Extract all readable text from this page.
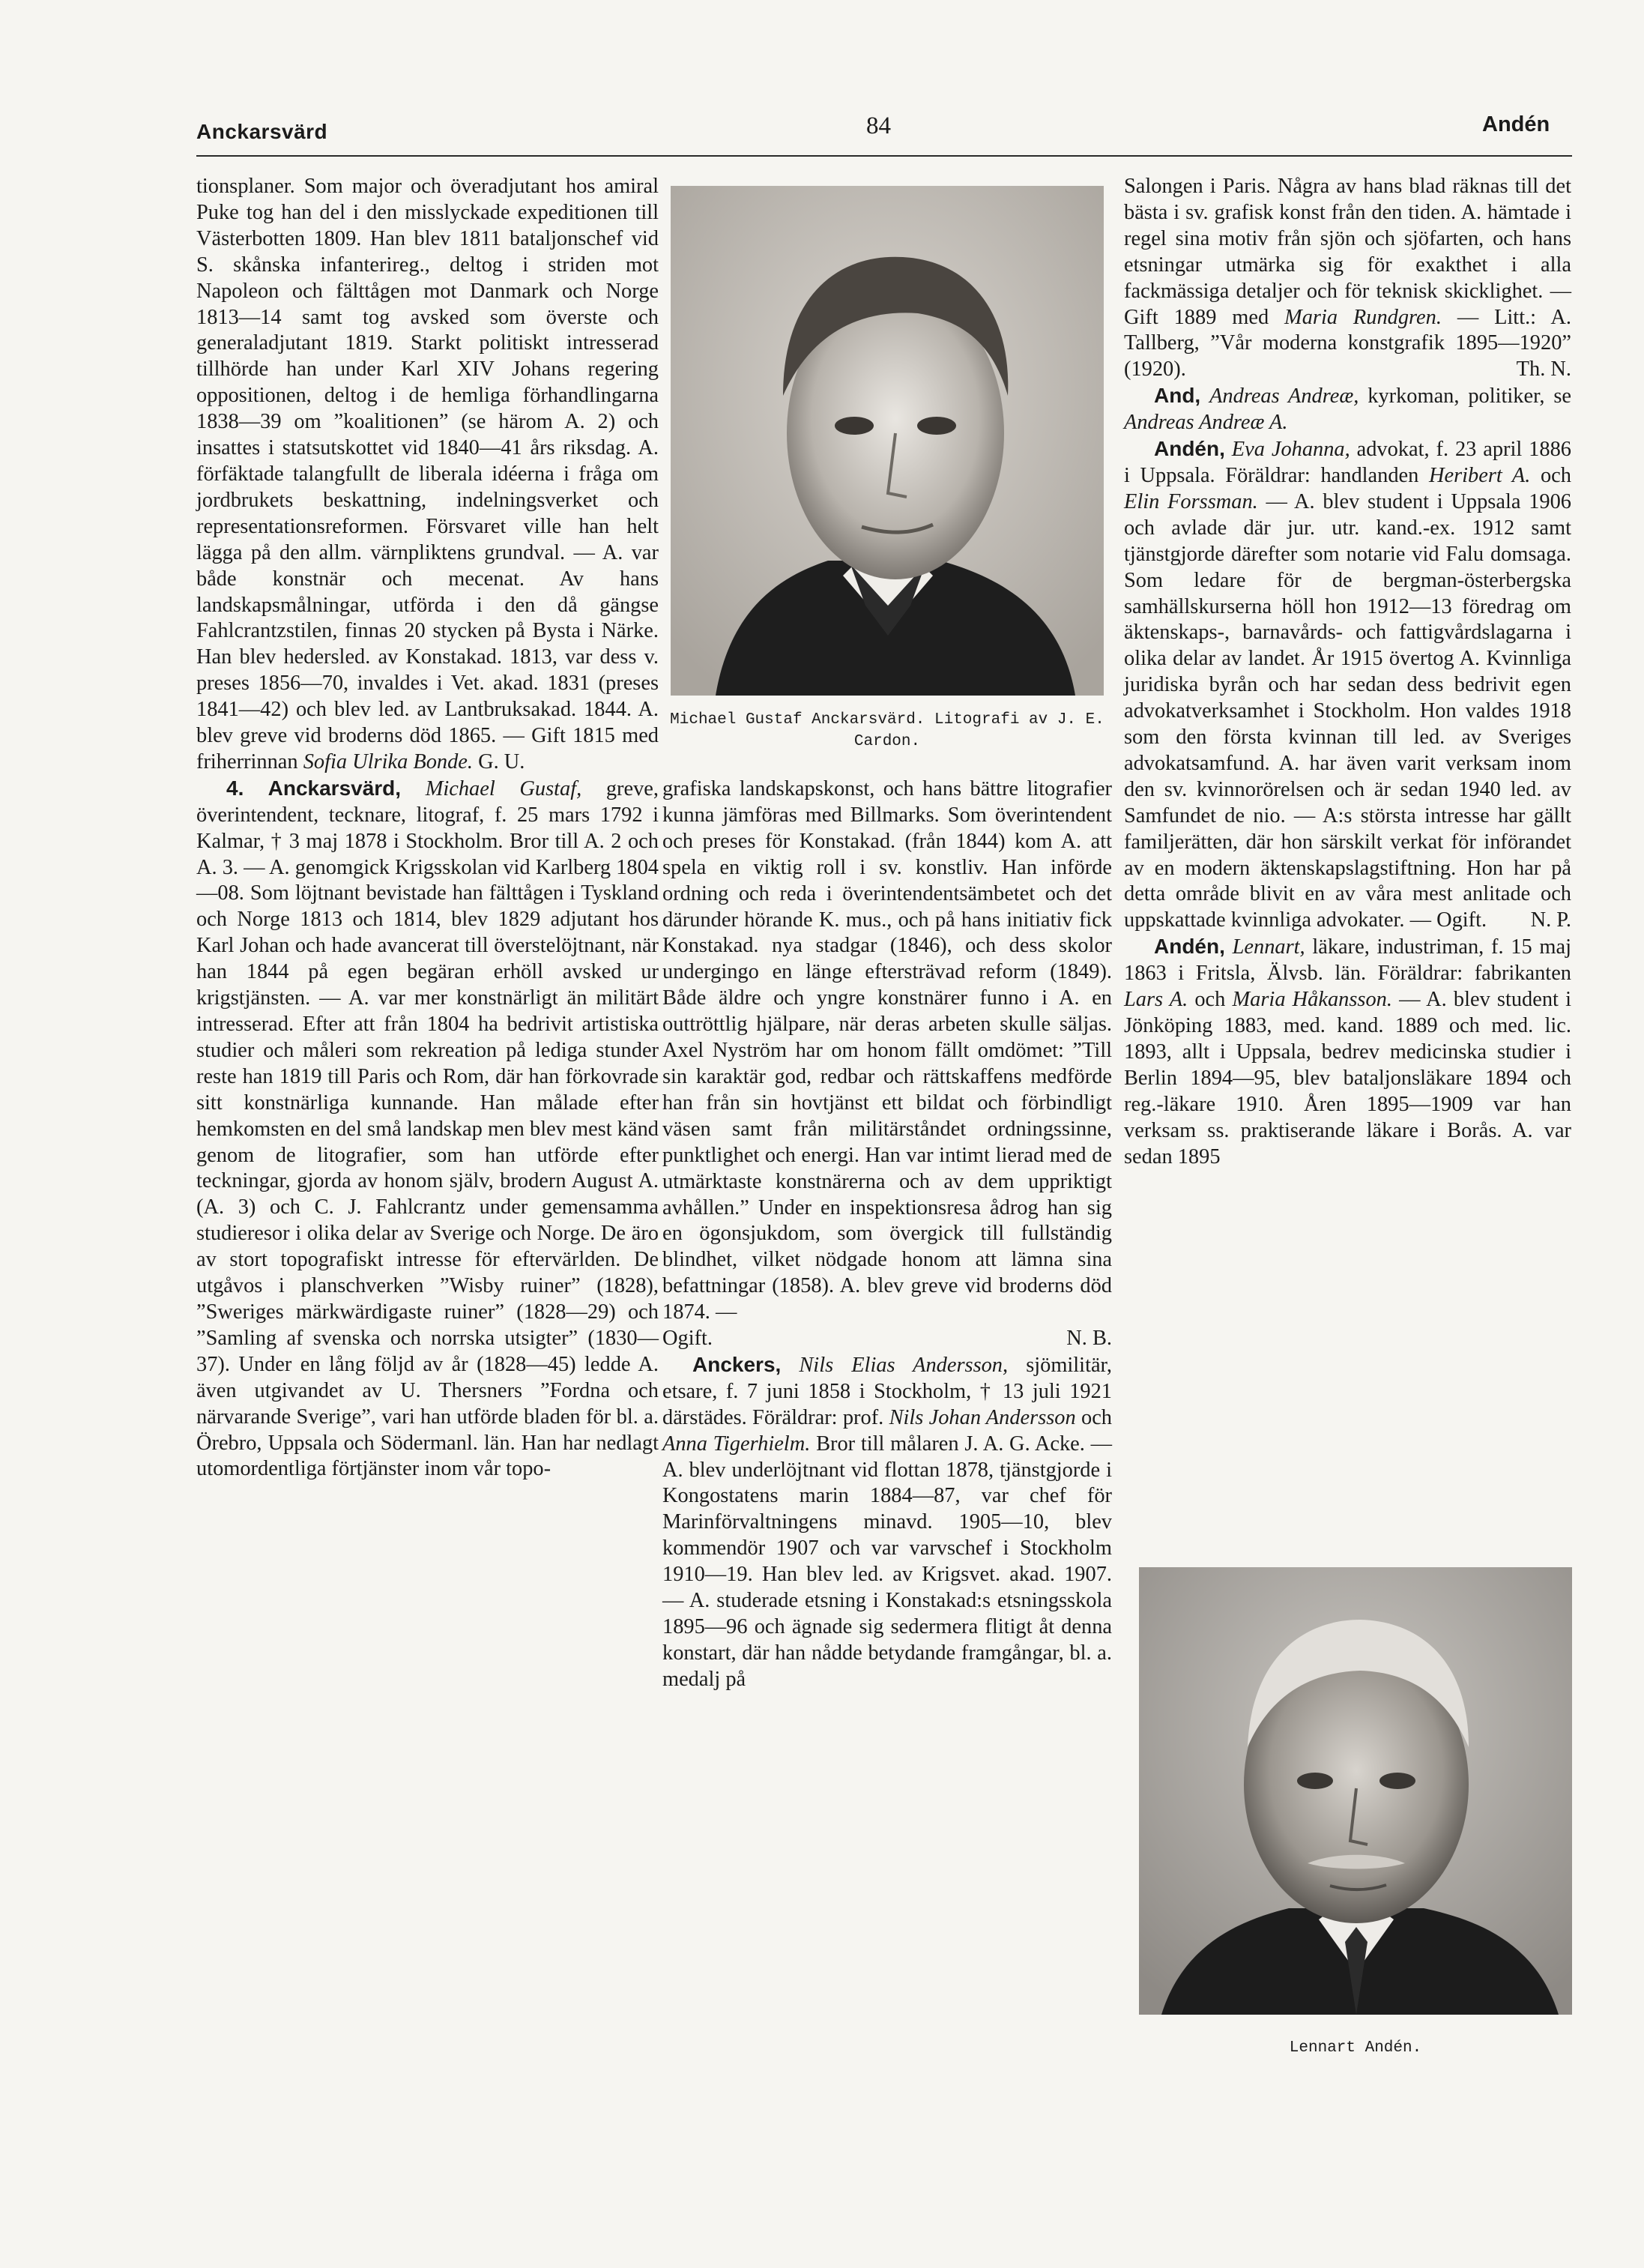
Anckarsvärd	84	Andén

tionsplaner. Som major och överadjutant hos amiral Puke tog han del i den misslyckade expeditionen till Västerbotten 1809. Han blev 1811 bataljonschef vid S. skånska infanterireg., deltog i striden mot Napoleon och fälttågen mot Danmark och Norge 1813—14 samt tog avsked som överste och generaladjutant 1819. Starkt politiskt intresserad tillhörde han under Karl XIV Johans regering oppositionen, deltog i de hemliga förhandlingarna 1838—39 om ”koalitionen” (se härom A. 2) och insattes i statsutskottet vid 1840—41 års riksdag. A. förfäktade talangfullt de liberala idéerna i fråga om jordbrukets beskattning, indelningsverket och representationsreformen. Försvaret ville han helt lägga på den allm. värnpliktens grundval. — A. var både konstnär och mecenat. Av hans landskapsmålningar, utförda i den då gängse Fahlcrantzstilen, finnas 20 stycken på Bysta i Närke. Han blev hedersled. av Konstakad. 1813, var dess v. preses 1856—70, invaldes i Vet. akad. 1831 (preses 1841—42) och blev led. av Lantbruksakad. 1844. A. blev greve vid broderns död 1865. — Gift 1815 med friherrinnan Sofia Ulrika Bonde. G. U.

4. Anckarsvärd, Michael Gustaf, greve, överintendent, tecknare, litograf, f. 25 mars 1792 i Kalmar, † 3 maj 1878 i Stockholm. Bror till A. 2 och A. 3. — A. genomgick Krigsskolan vid Karlberg 1804—08. Som löjtnant bevistade han fälttågen i Tyskland och Norge 1813 och 1814, blev 1829 adjutant hos Karl Johan och hade avancerat till överstelöjtnant, när han 1844 på egen begäran erhöll avsked ur krigstjänsten. — A. var mer konstnärligt än militärt intresserad. Efter att från 1804 ha bedrivit artistiska studier och måleri som rekreation på lediga stunder reste han 1819 till Paris och Rom, där han förkovrade sitt konstnärliga kunnande. Han målade efter hemkomsten en del små landskap men blev mest känd genom de litografier, som han utförde efter teckningar, gjorda av honom själv, brodern August A. (A. 3) och C. J. Fahlcrantz under gemensamma studieresor i olika delar av Sverige och Norge. De äro av stort topografiskt intresse för eftervärlden. De utgåvos i planschverken ”Wisby ruiner” (1828), ”Sweriges märkwärdigaste ruiner” (1828—29) och ”Samling af svenska och norrska utsigter” (1830—37). Under en lång följd av år (1828—45) ledde A. även utgivandet av U. Thersners ”Fordna och närvarande Sverige”, vari han utförde bladen för bl. a. Örebro, Uppsala och Södermanl. län. Han har nedlagt utomordentliga förtjänster inom vår topo-

Michael Gustaf Anckarsvärd. Litografi av J. E. Cardon.

grafiska landskapskonst, och hans bättre litografier kunna jämföras med Billmarks. Som överintendent och preses för Konstakad. (från 1844) kom A. att spela en viktig roll i sv. konstliv. Han införde ordning och reda i överintendentsämbetet och det därunder hörande K. mus., och på hans initiativ fick Konstakad. nya stadgar (1846), och dess skolor undergingo en länge eftersträvad reform (1849). Både äldre och yngre konstnärer funno i A. en outtröttlig hjälpare, när deras arbeten skulle säljas. Axel Nyström har om honom fällt omdömet: ”Till sin karaktär god, redbar och rättskaffens medförde han från sin hovtjänst ett bildat och förbindligt väsen samt från militärståndet ordningssinne, punktlighet och energi. Han var intimt lierad med de utmärktaste konstnärerna och av dem uppriktigt avhållen.” Under en inspektionsresa ådrog han sig en ögonsjukdom, som övergick till fullständig blindhet, vilket nödgade honom att lämna sina befattningar (1858). A. blev greve vid broderns död 1874. —

Ogift.	N. B.

Anckers, Nils Elias Andersson, sjömilitär, etsare, f. 7 juni 1858 i Stockholm, † 13 juli 1921 därstädes. Föräldrar: prof. Nils Johan Andersson och Anna Tigerhielm. Bror till målaren J. A. G. Acke. — A. blev underlöjtnant vid flottan 1878, tjänstgjorde i Kongostatens marin 1884—87, var chef för Marinförvaltningens minavd. 1905—10, blev kommendör 1907 och var varvschef i Stockholm 1910—19. Han blev led. av Krigsvet. akad. 1907. — A. studerade etsning i Konstakad:s etsningsskola 1895—96 och ägnade sig sedermera flitigt åt denna konstart, där han nådde betydande framgångar, bl. a. medalj på

Salongen i Paris. Några av hans blad räknas till det bästa i sv. grafisk konst från den tiden. A. hämtade i regel sina motiv från sjön och sjöfarten, och hans etsningar utmärka sig för exakthet i alla fackmässiga detaljer och för teknisk skicklighet. — Gift 1889 med Maria Rundgren. — Litt.: A. Tallberg, ”Vår moderna konstgrafik 1895—1920” (1920).	Th. N.

And, Andreas Andreæ, kyrkoman, politiker, se Andreas Andreæ A.

Andén, Eva Johanna, advokat, f. 23 april 1886 i Uppsala. Föräldrar: handlanden Heribert A. och Elin Forssman. — A. blev student i Uppsala 1906 och avlade där jur. utr. kand.-ex. 1912 samt tjänstgjorde därefter som notarie vid Falu domsaga. Som ledare för de bergman-österbergska samhällskurserna höll hon 1912—13 föredrag om äktenskaps-, barnavårds- och fattigvårdslagarna i olika delar av landet. År 1915 övertog A. Kvinnliga juridiska byrån och har sedan dess bedrivit egen advokatverksamhet i Stockholm. Hon valdes 1918 som den första kvinnan till led. av Sveriges advokatsamfund. A. har även varit verksam inom den sv. kvinnorörelsen och är sedan 1940 led. av Samfundet de nio. — A:s största intresse har gällt familjerätten, där hon särskilt verkat för införandet av en modern äktenskapslagstiftning. Hon har på detta område blivit en av våra mest anlitade och uppskattade kvinnliga advokater. — Ogift.	N. P.

Andén, Lennart, läkare, industriman, f. 15 maj 1863 i Fritsla, Älvsb. län. Föräldrar: fabrikanten Lars A. och Maria Håkansson. — A. blev student i Jönköping 1883, med. kand. 1889 och med. lic. 1893, allt i Uppsala, bedrev medicinska studier i Berlin 1894—95, blev bataljonsläkare 1894 och reg.-läkare 1910. Åren 1895—1909 var han verksam ss. praktiserande läkare i Borås. A. var sedan 1895

Lennart Andén.
